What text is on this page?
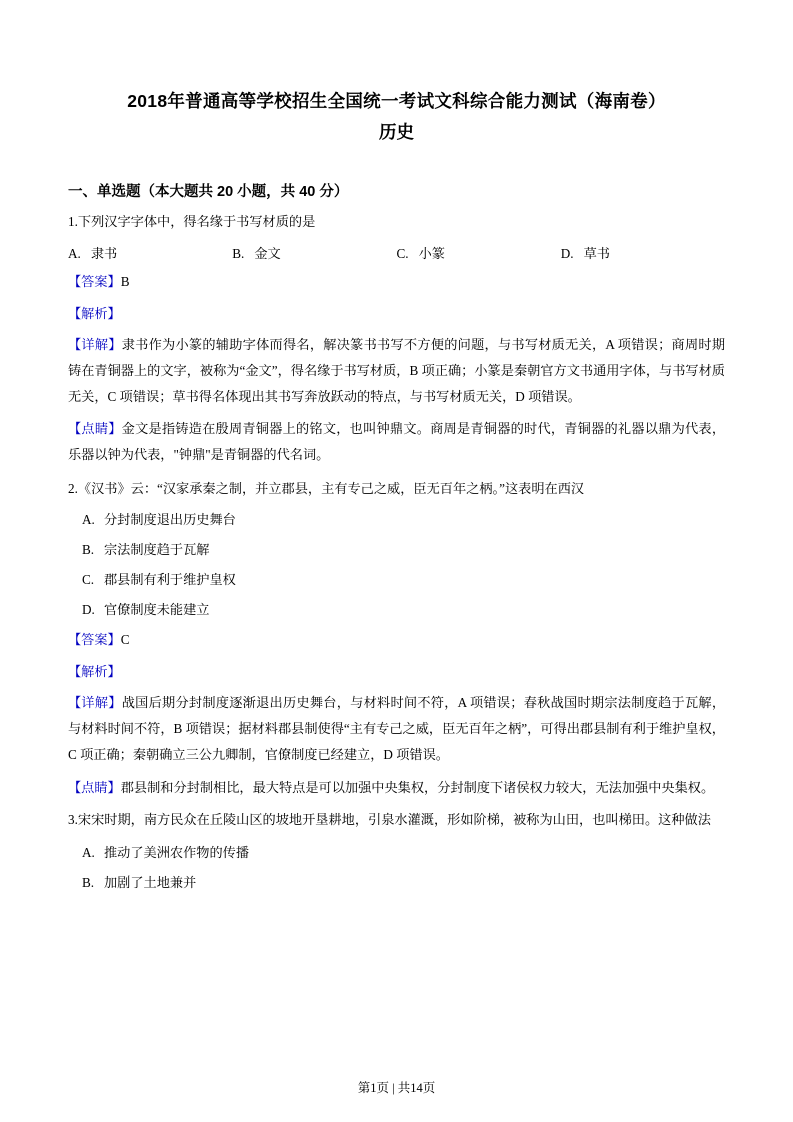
2018年普通高等学校招生全国统一考试文科综合能力测试（海南卷）
历史
一、单选题（本大题共 20 小题，共 40 分）
1.下列汉字字体中，得名缘于书写材质的是
A. 隶书	B. 金文	C. 小篆	D. 草书
【答案】B
【解析】
【详解】隶书作为小篆的辅助字体而得名，解决篆书书写不方便的问题，与书写材质无关，A 项错误；商周时期铸在青铜器上的文字，被称为“金文”，得名缘于书写材质，B 项正确；小篆是秦朝官方文书通用字体，与书写材质无关，C 项错误；草书得名体现出其书写奔放跃动的特点，与书写材质无关，D 项错误。
【点睛】金文是指铸造在殷周青铜器上的铭文，也叫钟鼎文。商周是青铜器的时代，青铜器的礼器以鼎为代表，乐器以钟为代表，"钟鼎"是青铜器的代名词。
2.《汉书》云：“汉家承秦之制，并立郡县，主有专己之威，臣无百年之柄。”这表明在西汉
A. 分封制度退出历史舞台
B. 宗法制度趋于瓦解
C. 郡县制有利于维护皇权
D. 官僚制度未能建立
【答案】C
【解析】
【详解】战国后期分封制度逐渐退出历史舞台，与材料时间不符，A 项错误；春秋战国时期宗法制度趋于瓦解，与材料时间不符，B 项错误；据材料郡县制使得“主有专己之威，臣无百年之柄”，可得出郡县制有利于维护皇权，C 项正确；秦朝确立三公九卿制，官僚制度已经建立，D 项错误。
【点睛】郡县制和分封制相比，最大特点是可以加强中央集权，分封制度下诸侯权力较大，无法加强中央集权。
3.宋宋时期，南方民众在丘陵山区的坡地开垦耕地，引泉水灌溉，形如阶梯，被称为山田，也叫梯田。这种做法
A. 推动了美洲农作物的传播
B. 加剧了土地兼并
第1页 | 共14页
